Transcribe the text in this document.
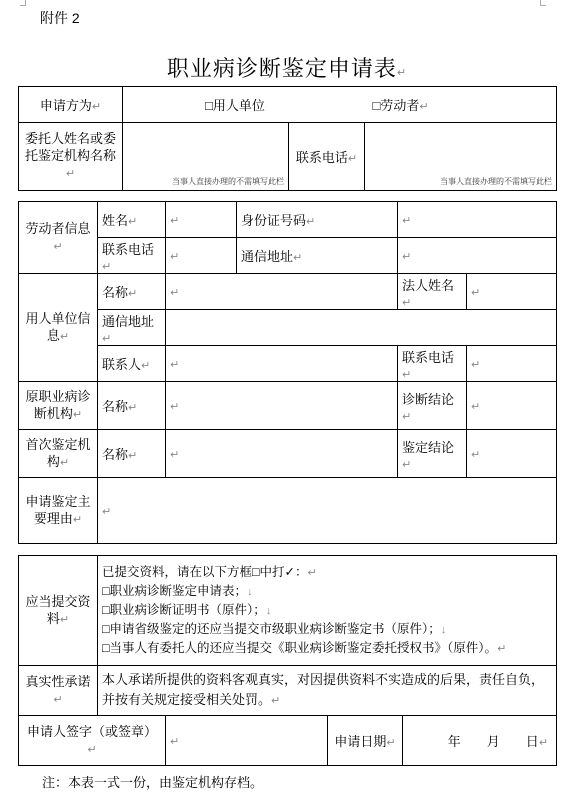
附件 2
职业病诊断鉴定申请表↵
申请方为↵	□用人单位 □劳动者↵		
委托人姓名或委托鉴定机构名称↵	当事人直接办理的不需填写此栏	联系电话↵	当事人直接办理的不需填写此栏
劳动者信息↵	姓名↵	↵	身份证号码↵	↵	
	联系电话↵	↵	通信地址↵	↵	
用人单位信息↵	名称↵	↵		法人姓名↵	↵
	通信地址↵				
	联系人↵	↵		联系电话↵	↵
原职业病诊断机构↵	名称↵	↵		诊断结论↵	↵
首次鉴定机构↵	名称↵	↵		鉴定结论↵	↵
申请鉴定主要理由↵	↵				
应当提交资料↵	已提交资料，请在以下方框□中打✓：↵
□职业病诊断鉴定申请表；↓
□职业病诊断证明书（原件）；↓
□申请省级鉴定的还应当提交市级职业病诊断鉴定书（原件）；↓
□当事人有委托人的还应当提交《职业病诊断鉴定委托授权书》（原件）。↵			

真实性承诺↵	本人承诺所提供的资料客观真实，对因提供资料不实造成的后果，责任自负，并按有关规定接受相关处罚。↵			
申请人签字（或签章）↵		↵	申请日期↵	年　　月　　日↵
注：本表一式一份，由鉴定机构存档。
